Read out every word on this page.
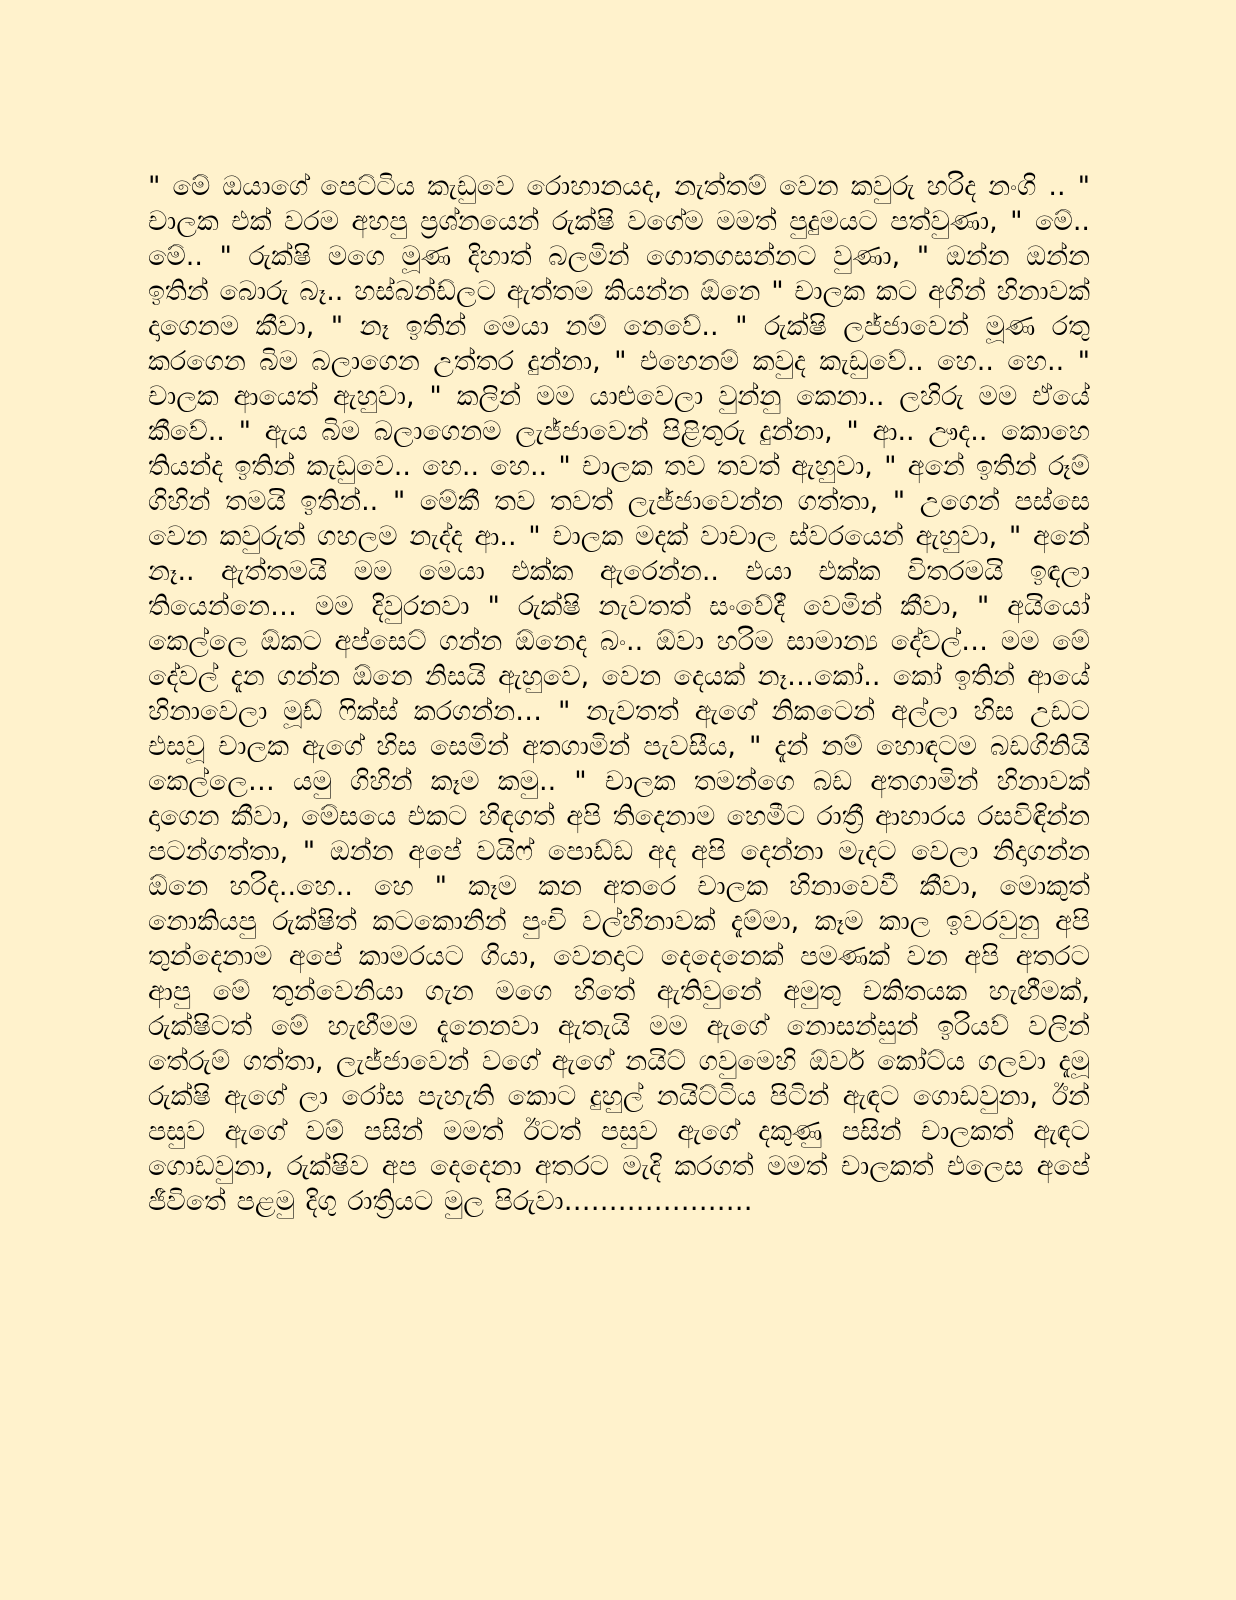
" මේ ඔයාගේ පෙට්ටිය කැඩුවෙ රොහානයද, නැත්තම් වෙන කවුරු හරිද නංගි .. " චාලක එක් වරම අහපු ප්‍රශ්නයෙන් රුක්ෂි වගේම මමත් පුදුමයට පත්වුණා, " මේ.. මේ.. " රුක්ෂි මගෙ මූණ දිහාත් බලමින් ගොතගසන්නට වුණා, " ඔන්න ඔන්න ඉතින් බොරු බෑ.. හස්බන්ඩ්ලට ඇත්තම කියන්න ඕනෙ " චාලක කට අගින් හිනාවක් දාගෙනම කීවා, " නෑ ඉතින් මෙයා නම් නෙවේ.. " රුක්ෂි ලජ්ජාවෙන් මූණ රතු කරගෙන බිම බලාගෙන උත්තර දුන්නා, " එහෙනම් කවුද කැඩුවේ.. හෙ.. හෙ.. " චාලක ආයෙත් ඇහුවා, " කලින් මම යාළුවෙලා වුන්නු කෙනා.. ලහිරු මම ඒයේ කීවේ.. " ඇය බිම බලාගෙනම ලැජ්ජාවෙන් පිළිතුරු දුන්නා, " ආ.. ඌද.. කොහෙ තියන්ද ඉතින් කැඩුවෙ.. හෙ.. හෙ.. " චාලක තව තවත් ඇහුවා, " අනේ ඉතින් රූම් ගිහින් තමයි ඉතින්.. " මේකී තව තවත් ලැජ්ජාවෙන්න ගත්තා, " උගෙන් පස්සෙ වෙන කවුරුත් ගහලම නැද්ද ආ.. " චාලක මදක් වාචාල ස්වරයෙන් ඇහුවා, " අනේ නෑ.. ඇත්තමයි මම මෙයා එක්ක ඇරෙන්න.. එයා එක්ක විතරමයි ඉඳලා තියෙන්නෙ… මම දිවුරනවා " රුක්ෂි නැවතත් සංවේදී වෙමින් කීවා, " අයියෝ කෙල්ලෙ ඕකට අප්සෙට් ගන්න ඕනෙද බං.. ඕවා හරිම සාමාන්‍ය දේවල්… මම මේ දේවල් දැන ගන්න ඕනෙ නිසයි ඇහුවෙ, වෙන දෙයක් නෑ…කෝ.. කෝ ඉතින් ආයේ හිනාවෙලා මූඩ් ෆික්ස් කරගන්න… " නැවතත් ඇගේ නිකටෙන් අල්ලා හිස උඩට එසවූ චාලක ඇගේ හිස සෙමින් අතගාමින් පැවසීය, " දැන් නම් හොඳටම බඩගිනියි කෙල්ලෙ… යමු ගිහින් කෑම කමු.. " චාලක තමන්ගෙ බඩ අතගාමින් හිනාවක් දාගෙන කීවා, මේසයෙ එකට හිඳගත් අපි තිදෙනාම හෙමීට රාත්‍රී ආහාරය රසවිඳින්න පටන්ගත්තා, " ඔන්න අපේ වයිෆ් පොඩ්ඩ අද අපි දෙන්නා මැදට වෙලා නිදාගන්න ඕනෙ හරිද..හෙ.. හෙ " කෑම කන අතරෙ චාලක හිනාවෙවී කීවා, මොකුත් නොකියපු රුක්ෂිත් කටකොනින් පුංචි වල්හිනාවක් දැම්මා, කෑම කාල ඉවරවුනු අපි තුන්දෙනාම අපේ කාමරයට ගියා, වෙනදාට දෙදෙනෙක් පමණක් වන අපි අතරට ආපු මේ තුන්වෙනියා ගැන මගෙ හිතේ ඇතිවුනේ අමුතු චකිතයක හැඟීමක්, රුක්ෂිටත් මේ හැඟීමම දැනෙනවා ඇතැයි මම ඇගේ නොසන්සුන් ඉරියව් වලින් තේරුම් ගත්තා, ලැජ්ජාවෙන් වගේ ඇගේ නයිට් ගවුමෙහි ඕවර් කෝට්ය ගලවා දැමූ රුක්ෂි ඇගේ ලා රෝස පැහැති කොට දුහුල් නයිට්ටිය පිටින් ඇඳට ගොඩවුනා, ඊන් පසුව ඇගේ වම් පසින් මමත් ඊටත් පසුව ඇගේ දකුණු පසින් චාලකත් ඇඳට ගොඩවුනා, රුක්ෂිව අප දෙදෙනා අතරට මැදි කරගත් මමත් චාලකත් එලෙස අපේ ජීවිතේ පළමු දිගු රාත්‍රියට මුල පිරුවා…………………
